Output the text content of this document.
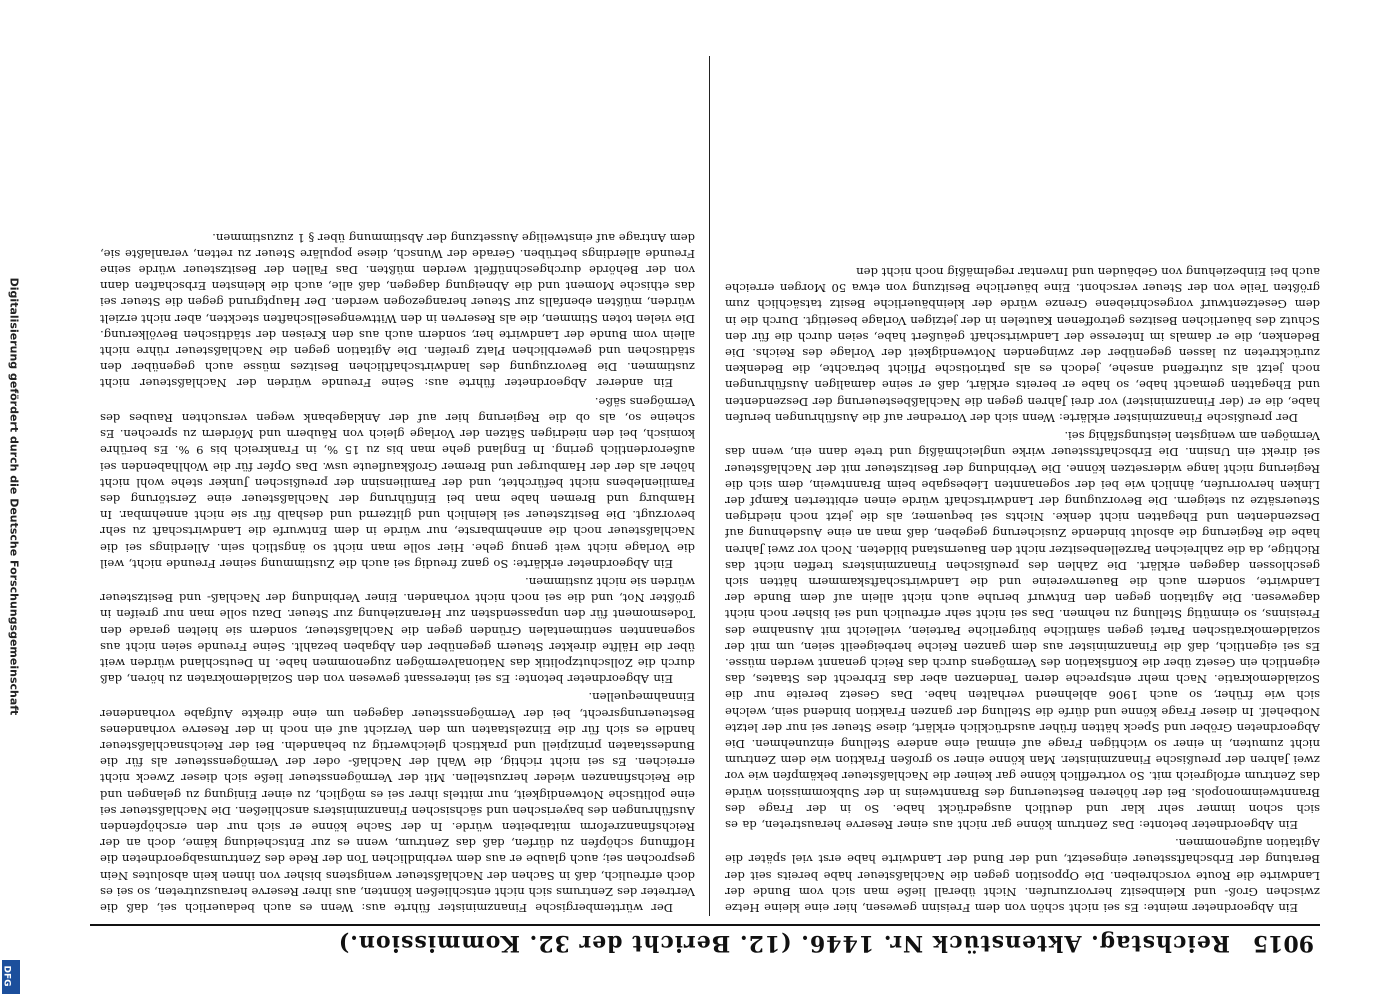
9015
Reichstag. Aktenstück Nr. 1446. (12. Bericht der 32. Kommission.)

Ein Abgeordneter meinte: Es sei nicht schön von dem Freisinn gewesen, hier eine kleine Hetze zwischen Groß- und Kleinbesitz hervorzurufen. Nicht überall ließe man sich vom Bunde der Landwirte die Route vorschreiben. Die Opposition gegen die Nachlaßsteuer habe bereits seit der Beratung der Erbschaftssteuer eingesetzt, und der Bund der Landwirte habe erst viel später die Agitation aufgenommen.

Ein Abgeordneter betonte: Das Zentrum könne gar nicht aus einer Reserve heraustreten, da es sich schon immer sehr klar und deutlich ausgedrückt habe. So in der Frage des Branntweinmonopols. Bei der höheren Besteuerung des Branntweins in der Subkommission würde das Zentrum erfolgreich mit. So vortrefflich könne gar keiner die Nachlaßsteuer bekämpfen wie vor zwei Jahren der preußische Finanzminister. Man könne einer so großen Fraktion wie dem Zentrum nicht zumuten, in einer so wichtigen Frage auf einmal eine andere Stellung einzunehmen. Die Abgeordneten Gröber und Speck hätten früher ausdrücklich erklärt, diese Steuer sei nur der letzte Notbehelf. In dieser Frage könne und dürfe die Stellung der ganzen Fraktion bindend sein, welche sich wie früher, so auch 1906 ablehnend verhalten habe. Das Gesetz bereite nur die Sozialdemokratie. Nach mehr entspreche deren Tendenzen aber das Erbrecht des Staates, das eigentlich ein Gesetz über die Konfiskation des Vermögens durch das Reich genannt werden müsse. Es sei eigentlich, daß die Finanzminister aus dem ganzen Reiche herbeigeeilt seien, um mit der sozialdemokratischen Partei gegen sämtliche bürgerliche Parteien, vielleicht mit Ausnahme des Freisinns, so einmütig Stellung zu nehmen. Das sei nicht sehr erfreulich und sei bisher noch nicht dagewesen. Die Agitation gegen den Entwurf beruhe auch nicht allein auf dem Bunde der Landwirte, sondern auch die Bauernvereine und die Landwirtschaftskammern hätten sich geschlossen dagegen erklärt. Die Zahlen des preußischen Finanzministers treffen nicht das Richtige, da die zahlreichen Parzellenbesitzer nicht den Bauernstand bildeten. Noch vor zwei Jahren habe die Regierung die absolut bindende Zusicherung gegeben, daß man an eine Ausdehnung auf Deszendenten und Ehegatten nicht denke. Nichts sei bequemer, als die jetzt noch niedrigen Steuersätze zu steigern. Die Bevorzugung der Landwirtschaft würde einen erbitterten Kampf der Linken hervorrufen, ähnlich wie bei der sogenannten Liebesgabe beim Branntwein, dem sich die Regierung nicht lange widersetzen könne. Die Verbindung der Besitzsteuer mit der Nachlaßsteuer sei direkt ein Unsinn. Die Erbschaftssteuer wirke ungleichmäßig und trete dann ein, wenn das Vermögen am wenigsten leistungsfähig sei.

Der preußische Finanzminister erklärte: Wenn sich der Vorredner auf die Ausführungen berufen habe, die er (der Finanzminister) vor drei Jahren gegen die Nachlaßbesteuerung der Deszendenten und Ehegatten gemacht habe, so habe er bereits erklärt, daß er seine damaligen Ausführungen noch jetzt als zutreffend ansehe, jedoch es als patriotische Pflicht betrachte, die Bedenken zurücktreten zu lassen gegenüber der zwingenden Notwendigkeit der Vorlage des Reichs. Die Bedenken, die er damals im Interesse der Landwirtschaft geäußert habe, seien durch die für den Schutz des bäuerlichen Besitzes getroffenen Kautelen in der jetzigen Vorlage beseitigt. Durch die in dem Gesetzentwurf vorgeschriebene Grenze würde der kleinbäuerliche Besitz tatsächlich zum größten Teile von der Steuer verschont. Eine bäuerliche Besitzung von etwa 50 Morgen erreiche auch bei Einbeziehung von Gebäuden und Inventar regelmäßig noch nicht den

Der württembergische Finanzminister führte aus: Wenn es auch bedauerlich sei, daß die Vertreter des Zentrums sich nicht entschließen könnten, aus ihrer Reserve herauszutreten, so sei es doch erfreulich, daß in Sachen der Nachlaßsteuer wenigstens bisher von ihnen kein absolutes Nein gesprochen sei; auch glaube er aus dem verbindlichen Ton der Rede des Zentrumsabgeordneten die Hoffnung schöpfen zu dürfen, daß das Zentrum, wenn es zur Entscheidung käme, doch an der Reichsfinanzreform mitarbeiten würde. In der Sache könne er sich nur den erschöpfenden Ausführungen des bayerischen und sächsischen Finanzministers anschließen. Die Nachlaßsteuer sei eine politische Notwendigkeit, nur mittels ihrer sei es möglich, zu einer Einigung zu gelangen und die Reichsfinanzen wieder herzustellen. Mit der Vermögenssteuer ließe sich dieser Zweck nicht erreichen. Es sei nicht richtig, die Wahl der Nachlaß- oder der Vermögenssteuer als für die Bundesstaaten prinzipiell und praktisch gleichwertig zu behandeln. Bei der Reichsnachlaßsteuer handle es sich für die Einzelstaaten um den Verzicht auf ein noch in der Reserve vorhandenes Besteuerungsrecht, bei der Vermögenssteuer dagegen um eine direkte Aufgabe vorhandener Einnahmequellen.

Ein Abgeordneter betonte: Es sei interessant gewesen von den Sozialdemokraten zu hören, daß durch die Zollschutzpolitik das Nationalvermögen zugenommen habe. In Deutschland würden weit über die Hälfte direkter Steuern gegenüber den Abgaben bezahlt. Seine Freunde seien nicht aus sogenannten sentimentalen Gründen gegen die Nachlaßsteuer, sondern sie hielten gerade den Todesmoment für den unpassendsten zur Heranziehung zur Steuer. Dazu solle man nur greifen in größter Not, und die sei noch nicht vorhanden. Einer Verbindung der Nachlaß- und Besitzsteuer würden sie nicht zustimmen.

Ein Abgeordneter erklärte: So ganz freudig sei auch die Zustimmung seiner Freunde nicht, weil die Vorlage nicht weit genug gehe. Hier solle man nicht so ängstlich sein. Allerdings sei die Nachlaßsteuer noch die annehmbarste, nur würde in dem Entwurfe die Landwirtschaft zu sehr bevorzugt. Die Besitzsteuer sei kleinlich und glitzernd und deshalb für sie nicht annehmbar. In Hamburg und Bremen habe man bei Einführung der Nachlaßsteuer eine Zerstörung des Familienlebens nicht befürchtet, und der Familiensinn der preußischen Junker stehe wohl nicht höher als der der Hamburger und Bremer Großkaufleute usw. Das Opfer für die Wohlhabenden sei außerordentlich gering. In England gehe man bis zu 15 %, in Frankreich bis 9 %. Es berühre komisch, bei den niedrigen Sätzen der Vorlage gleich von Räubern und Mördern zu sprechen. Es scheine so, als ob die Regierung hier auf der Anklagebank wegen versuchten Raubes des Vermögens säße.

Ein anderer Abgeordneter führte aus: Seine Freunde würden der Nachlaßsteuer nicht zustimmen. Die Bevorzugung des landwirtschaftlichen Besitzes müsse auch gegenüber den städtischen und gewerblichen Platz greifen. Die Agitation gegen die Nachlaßsteuer rühre nicht allein vom Bunde der Landwirte her, sondern auch aus den Kreisen der städtischen Bevölkerung. Die vielen toten Stimmen, die als Reserven in den Wittwengesellschaften steckten, aber nicht erzielt würden, müßten ebenfalls zur Steuer herangezogen werden. Der Hauptgrund gegen die Steuer sei das ethische Moment und die Abneigung dagegen, daß alle, auch die kleinsten Erbschaften dann von der Behörde durchgeschnüffelt werden müßten. Das Fallen der Besitzsteuer würde seine Freunde allerdings betrüben. Gerade der Wunsch, diese populäre Steuer zu retten, veranlaßte sie, dem Antrage auf einstweilige Aussetzung der Abstimmung über § 1 zuzustimmen.

Digitalisierung gefördert durch die Deutsche Forschungsgemeinschaft
DFG
